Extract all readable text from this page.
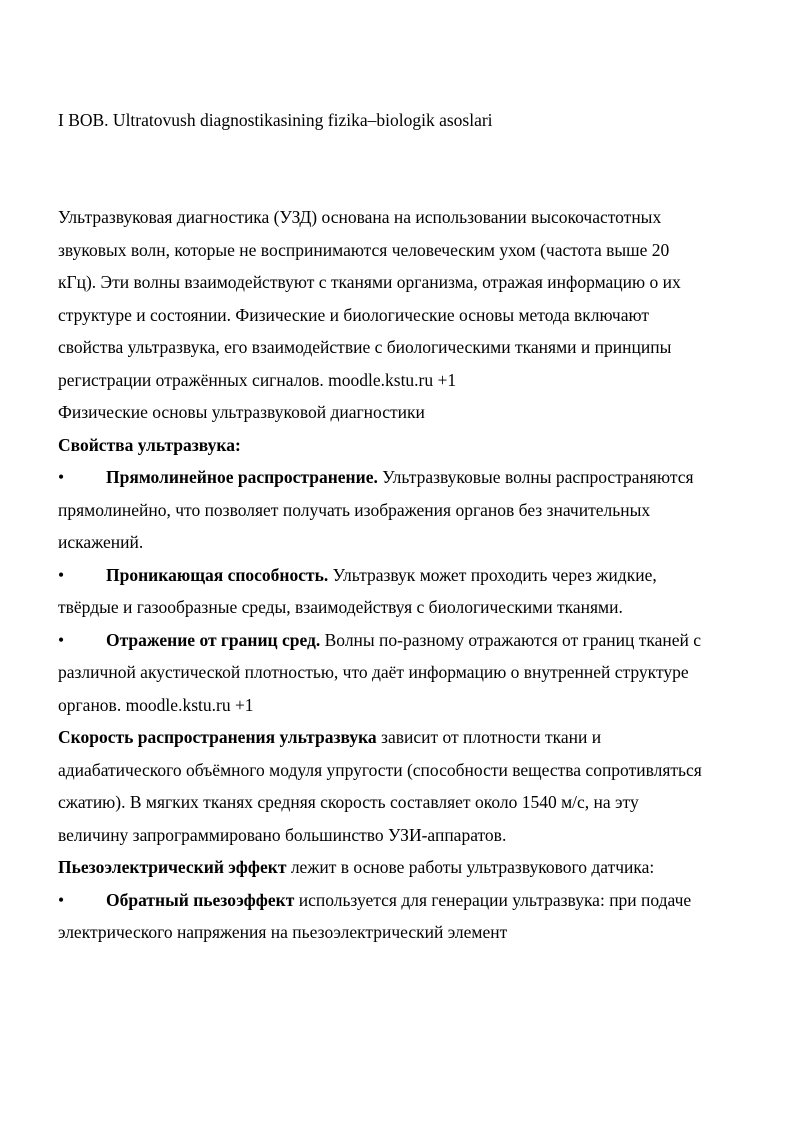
I BOB. Ultratovush diagnostikasining fizika–biologik asoslari

Ультразвуковая диагностика (УЗД) основана на использовании высокочастотных звуковых волн, которые не воспринимаются человеческим ухом (частота выше 20 кГц). Эти волны взаимодействуют с тканями организма, отражая информацию о их структуре и состоянии. Физические и биологические основы метода включают свойства ультразвука, его взаимодействие с биологическими тканями и принципы регистрации отражённых сигналов. moodle.kstu.ru +1

Физические основы ультразвуковой диагностики

Свойства ультразвука:

• Прямолинейное распространение. Ультразвуковые волны распространяются прямолинейно, что позволяет получать изображения органов без значительных искажений.

• Проникающая способность. Ультразвук может проходить через жидкие, твёрдые и газообразные среды, взаимодействуя с биологическими тканями.

• Отражение от границ сред. Волны по-разному отражаются от границ тканей с различной акустической плотностью, что даёт информацию о внутренней структуре органов. moodle.kstu.ru +1

Скорость распространения ультразвука зависит от плотности ткани и адиабатического объёмного модуля упругости (способности вещества сопротивляться сжатию). В мягких тканях средняя скорость составляет около 1540 м/с, на эту величину запрограммировано большинство УЗИ-аппаратов.

Пьезоэлектрический эффект лежит в основе работы ультразвукового датчика:

• Обратный пьезоэффект используется для генерации ультразвука: при подаче электрического напряжения на пьезоэлектрический элемент
